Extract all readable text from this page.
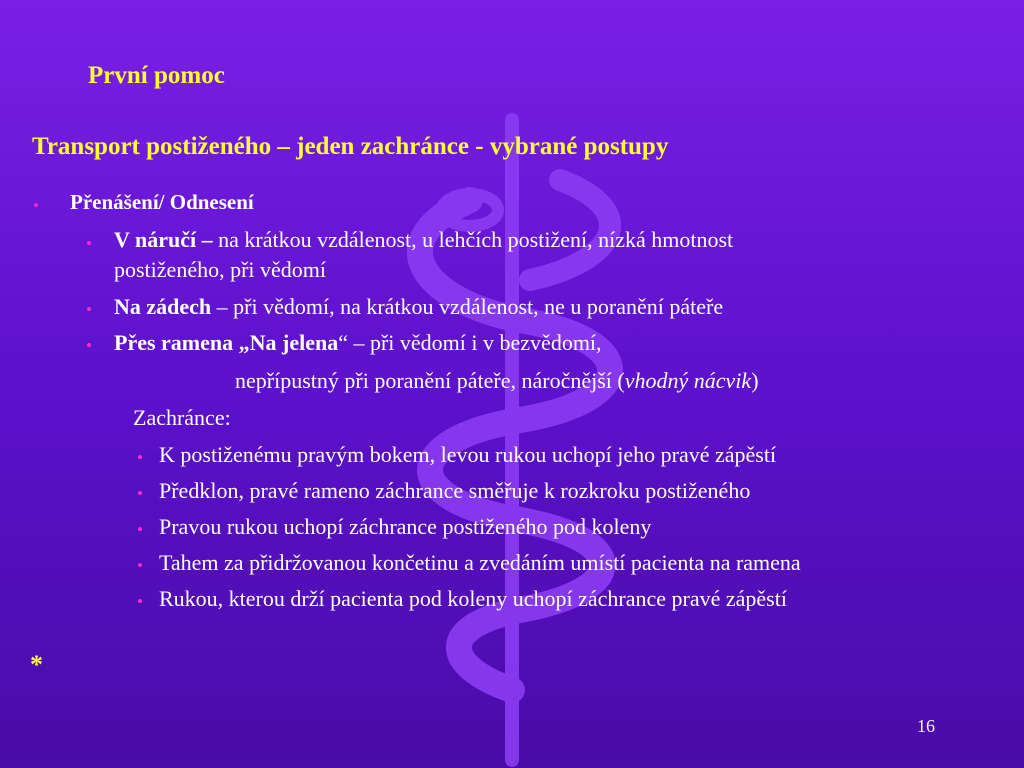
První pomoc
Transport postiženého – jeden zachránce - vybrané postupy
• Přenášení/ Odnesení
• V náručí – na krátkou vzdálenost, u lehčích postižení, nízká hmotnost
postiženého, při vědomí
• Na zádech – při vědomí, na krátkou vzdálenost, ne u poranění páteře
• Přes ramena „Na jelena“ – při vědomí i v bezvědomí,
nepřípustný při poranění páteře, náročnější (vhodný nácvik)
Zachránce:
• K postiženému pravým bokem, levou rukou uchopí jeho pravé zápěstí
• Předklon, pravé rameno záchrance směřuje k rozkroku postiženého
• Pravou rukou uchopí záchrance postiženého pod koleny
• Tahem za přidržovanou končetinu a zvedáním umístí pacienta na ramena
• Rukou, kterou drží pacienta pod koleny uchopí záchrance pravé zápěstí
*
16
